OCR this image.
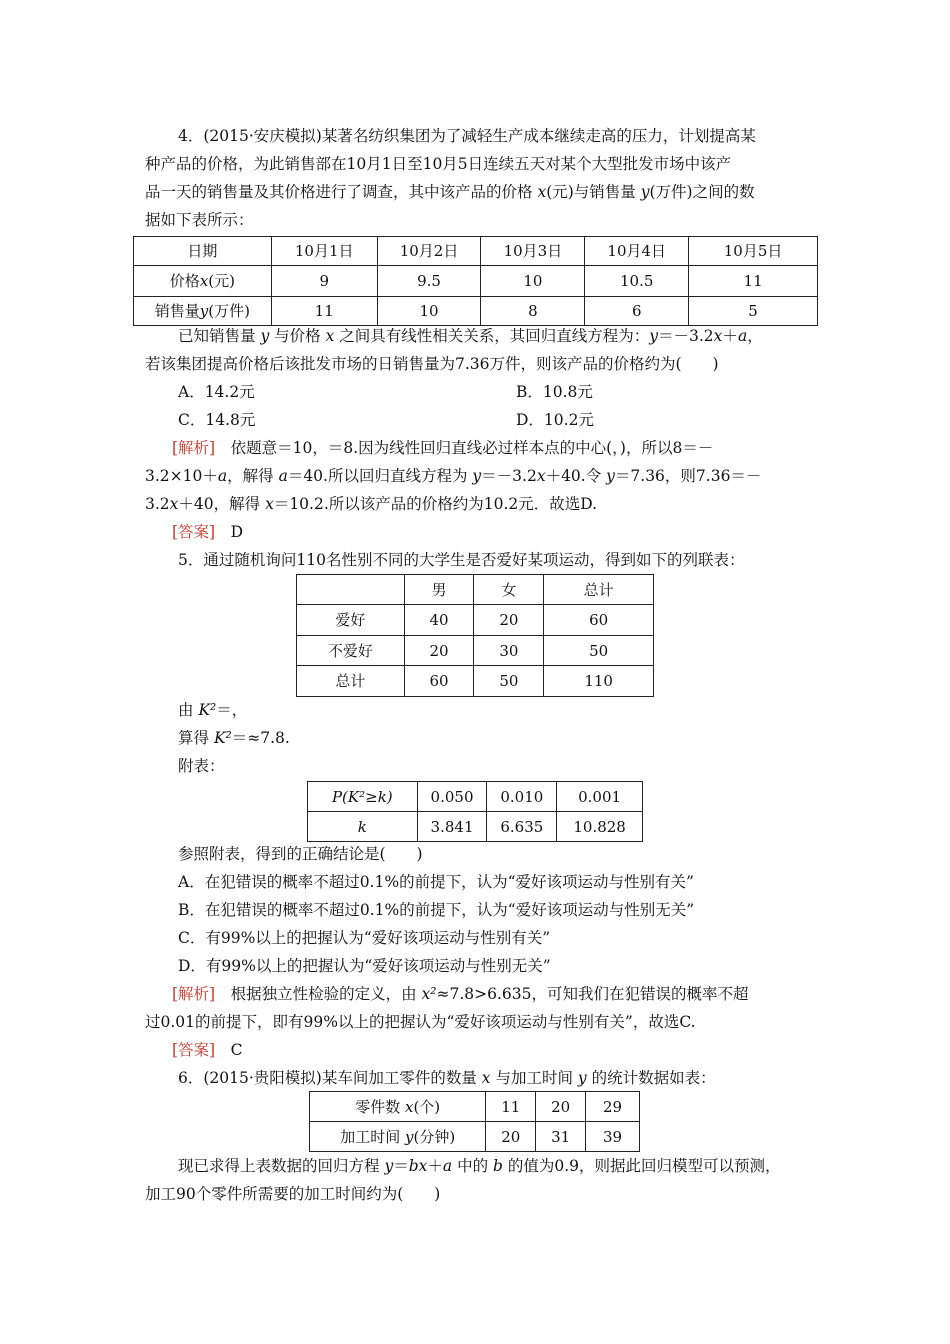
4．(2015·安庆模拟)某著名纺织集团为了减轻生产成本继续走高的压力，计划提高某
种产品的价格，为此销售部在10月1日至10月5日连续五天对某个大型批发市场中该产
品一天的销售量及其价格进行了调查，其中该产品的价格 x(元)与销售量 y(万件)之间的数
据如下表所示：
日期	10月1日	10月2日	10月3日	10月4日	10月5日
价格x(元)	9	9.5	10	10.5	11
销售量y(万件)	11	10	8	6	5
已知销售量 y 与价格 x 之间具有线性相关关系，其回归直线方程为：y＝－3.2x＋a，
若该集团提高价格后该批发市场的日销售量为7.36万件，则该产品的价格约为(　　)
A．14.2元	B．10.8元
C．14.8元	D．10.2元
[解析]　依题意＝10，＝8.因为线性回归直线必过样本点的中心(，)，所以8＝－
3.2×10＋a，解得 a＝40.所以回归直线方程为 y＝－3.2x＋40.令 y＝7.36，则7.36＝－
3.2x＋40，解得 x＝10.2.所以该产品的价格约为10.2元．故选D.
[答案]　D
5．通过随机询问110名性别不同的大学生是否爱好某项运动，得到如下的列联表：
	男	女	总计
爱好	40	20	60
不爱好	20	30	50
总计	60	50	110
由 K²＝，
算得 K²＝≈7.8.
附表：
P(K²≥k)	0.050	0.010	0.001
k	3.841	6.635	10.828
参照附表，得到的正确结论是(　　)
A．在犯错误的概率不超过0.1%的前提下，认为“爱好该项运动与性别有关”
B．在犯错误的概率不超过0.1%的前提下，认为“爱好该项运动与性别无关”
C．有99%以上的把握认为“爱好该项运动与性别有关”
D．有99%以上的把握认为“爱好该项运动与性别无关”
[解析]　根据独立性检验的定义，由 x²≈7.8>6.635，可知我们在犯错误的概率不超
过0.01的前提下，即有99%以上的把握认为“爱好该项运动与性别有关”，故选C.
[答案]　C
6．(2015·贵阳模拟)某车间加工零件的数量 x 与加工时间 y 的统计数据如表：
零件数 x(个)	11	20	29
加工时间 y(分钟)	20	31	39
现已求得上表数据的回归方程 y＝bx＋a 中的 b 的值为0.9，则据此回归模型可以预测，
加工90个零件所需要的加工时间约为(　　)
